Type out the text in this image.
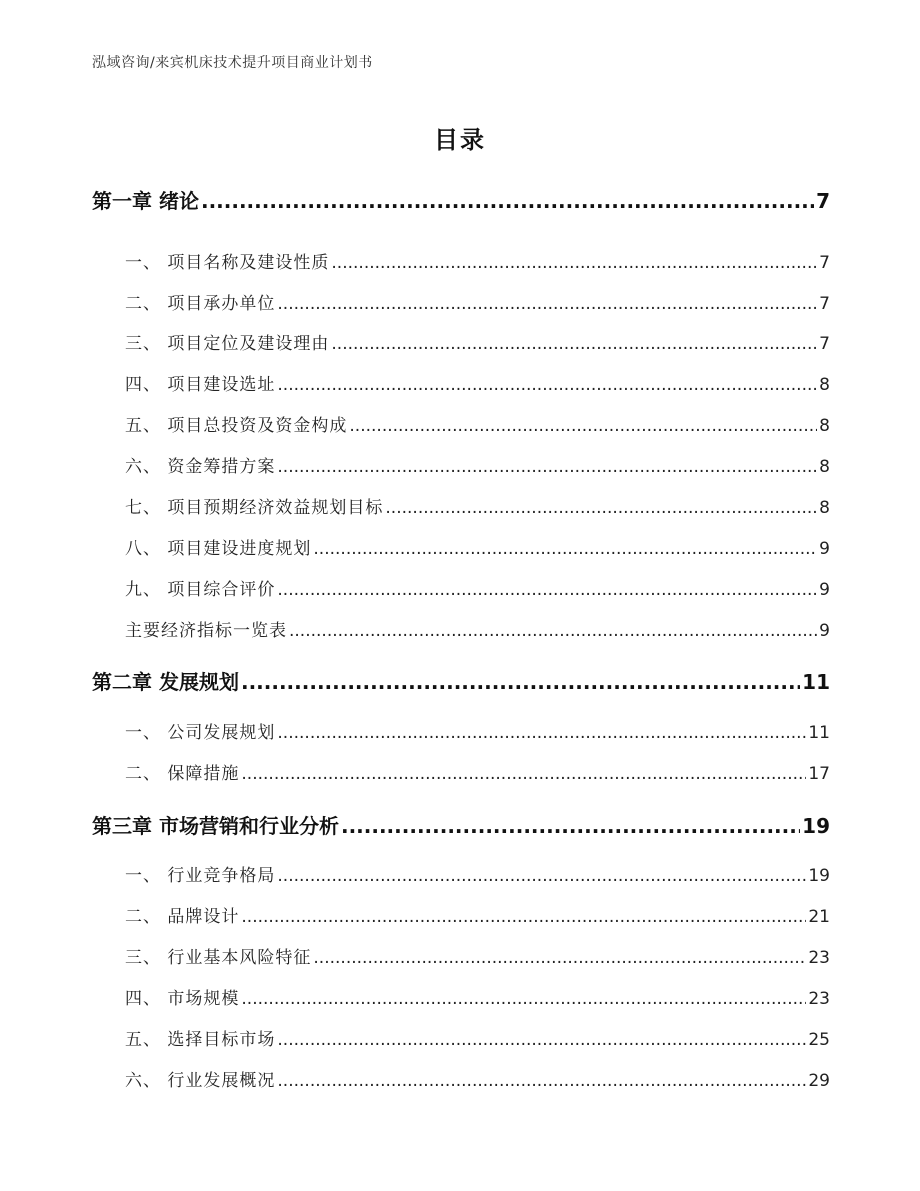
泓域咨询/来宾机床技术提升项目商业计划书
目录
第一章 绪论 .....	7
一、 项目名称及建设性质 .....	7
二、 项目承办单位 .....	7
三、 项目定位及建设理由 .....	7
四、 项目建设选址 .....	8
五、 项目总投资及资金构成 .....	8
六、 资金筹措方案 .....	8
七、 项目预期经济效益规划目标 .....	8
八、 项目建设进度规划 .....	9
九、 项目综合评价 .....	9
主要经济指标一览表 .....	9
第二章 发展规划 .....	11
一、 公司发展规划 .....	11
二、 保障措施 .....	17
第三章 市场营销和行业分析 .....	19
一、 行业竞争格局 .....	19
二、 品牌设计 .....	21
三、 行业基本风险特征 .....	23
四、 市场规模 .....	23
五、 选择目标市场 .....	25
六、 行业发展概况 .....	29
